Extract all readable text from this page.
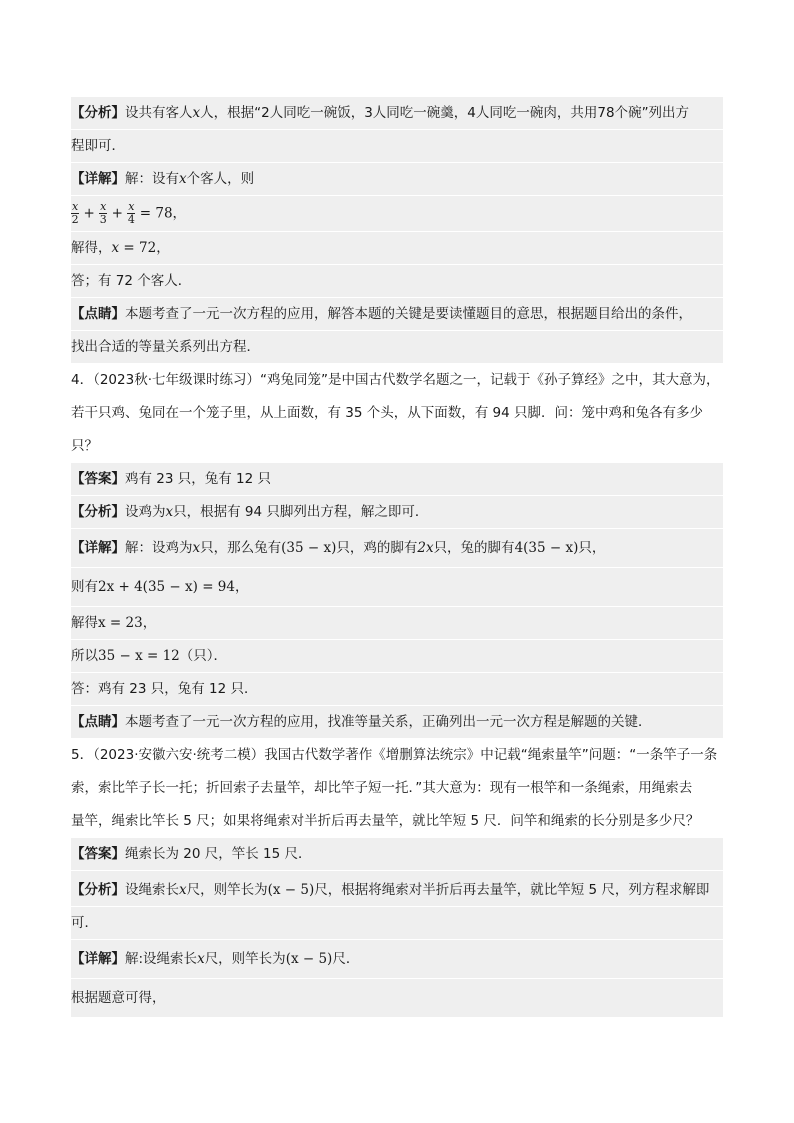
【分析】设共有客人x人，根据“2人同吃一碗饭，3人同吃一碗羹，4人同吃一碗肉，共用78个碗”列出方
程即可．
【详解】解：设有x个客人，则
$\frac{x}{2} + \frac{x}{3} + \frac{x}{4} = 78$，
解得，x = 72，
答；有 72 个客人．
【点睛】本题考查了一元一次方程的应用，解答本题的关键是要读懂题目的意思，根据题目给出的条件，
找出合适的等量关系列出方程．
4．（2023秋·七年级课时练习）“鸡兔同笼”是中国古代数学名题之一，记载于《孙子算经》之中，其大意为，
若干只鸡、兔同在一个笼子里，从上面数，有 35 个头，从下面数，有 94 只脚．问：笼中鸡和兔各有多少
只？
【答案】鸡有 23 只，兔有 12 只
【分析】设鸡为x只，根据有 94 只脚列出方程，解之即可．
【详解】解：设鸡为x只，那么兔有(35 − x)只，鸡的脚有2x只，兔的脚有4(35 − x)只，
则有2x + 4(35 − x) = 94，
解得x = 23，
所以35 − x = 12（只）．
答：鸡有 23 只，兔有 12 只．
【点睛】本题考查了一元一次方程的应用，找准等量关系，正确列出一元一次方程是解题的关键．
5．（2023·安徽六安·统考二模）我国古代数学著作《增删算法统宗》中记载“绳索量竿”问题：“一条竿子一条
索，索比竿子长一托；折回索子去量竿，却比竿子短一托．”其大意为：现有一根竿和一条绳索，用绳索去
量竿，绳索比竿长 5 尺；如果将绳索对半折后再去量竿，就比竿短 5 尺．问竿和绳索的长分别是多少尺？
【答案】绳索长为 20 尺，竿长 15 尺．
【分析】设绳索长x尺，则竿长为(x − 5)尺，根据将绳索对半折后再去量竿，就比竿短 5 尺，列方程求解即
可．
【详解】解:设绳索长x尺，则竿长为(x − 5)尺．
根据题意可得，
